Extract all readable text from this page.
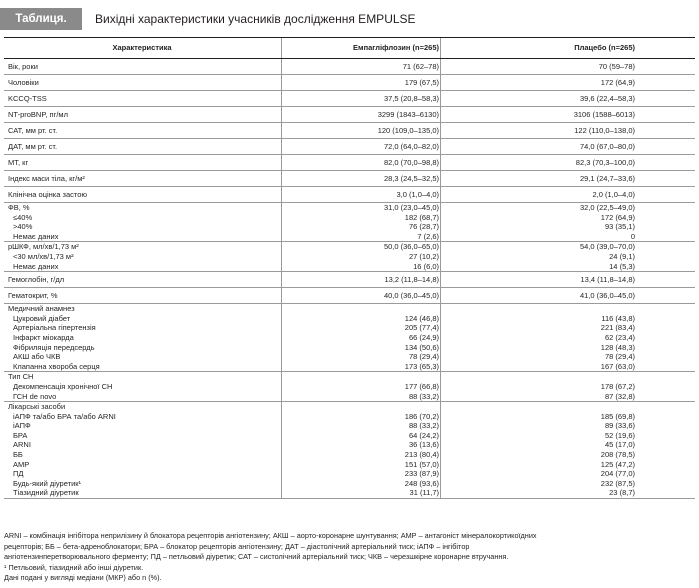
Таблиця.	Вихідні характеристики учасників дослідження EMPULSE
Характеристика	Емпагліфлозин (n=265)	Плацебо (n=265)
Вік, роки	71 (62–78)	70 (59–78)
Чоловіки	179 (67,5)	172 (64,9)
KCCQ-TSS	37,5 (20,8–58,3)	39,6 (22,4–58,3)
NT-proBNP, пг/мл	3299 (1843–6130)	3106 (1588–6013)
САТ, мм рт. ст.	120 (109,0–135,0)	122 (110,0–138,0)
ДАТ, мм рт. ст.	72,0 (64,0–82,0)	74,0 (67,0–80,0)
МТ, кг	82,0 (70,0–98,8)	82,3 (70,3–100,0)
Індекс маси тіла, кг/м²	28,3 (24,5–32,5)	29,1 (24,7–33,6)
Клінічна оцінка застою	3,0 (1,0–4,0)	2,0 (1,0–4,0)
ФВ, %	31,0 (23,0–45,0)	32,0 (22,5–49,0)
≤40%	182 (68,7)	172 (64,9)
>40%	76 (28,7)	93 (35,1)
Немає даних	7 (2,6)	0
рШКФ, мл/хв/1,73 м²	50,0 (36,0–65,0)	54,0 (39,0–70,0)
<30 мл/хв/1,73 м²	27 (10,2)	24 (9,1)
Немає даних	16 (6,0)	14 (5,3)
Гемоглобін, г/дл	13,2 (11,8–14,8)	13,4 (11,8–14,8)
Гематокрит, %	40,0 (36,0–45,0)	41,0 (36,0–45,0)
Медичний анамнез
Цукровий діабет	124 (46,8)	116 (43,8)
Артеріальна гіпертензія	205 (77,4)	221 (83,4)
Інфаркт міокарда	66 (24,9)	62 (23,4)
Фібриляція передсердь	134 (50,6)	128 (48,3)
АКШ або ЧКВ	78 (29,4)	78 (29,4)
Клапанна хвороба серця	173 (65,3)	167 (63,0)
Тип СН
Декомпенсація хронічної СН	177 (66,8)	178 (67,2)
ГСН de novo	88 (33,2)	87 (32,8)
Лікарські засоби
іАПФ та/або БРА та/або ARNI	186 (70,2)	185 (69,8)
іАПФ	88 (33,2)	89 (33,6)
БРА	64 (24,2)	52 (19,6)
ARNI	36 (13,6)	45 (17,0)
ББ	213 (80,4)	208 (78,5)
АМР	151 (57,0)	125 (47,2)
ПД	233 (87,9)	204 (77,0)
Будь-який діуретик¹	248 (93,6)	232 (87,5)
Тіазидний діуретик	31 (11,7)	23 (8,7)
ARNI – комбінація інгібітора неприлізину й блокатора рецепторів ангіотензину; АКШ – аорто-коронарне шунтування; АМР – антагоніст мінералокортикоїдних
рецепторів; ББ – бета-адреноблокатори; БРА – блокатор рецепторів ангіотензину; ДАТ – діастолічний артеріальний тиск; іАПФ – інгібітор
ангіотензинперетворювального ферменту; ПД – петльовий діуретик; САТ – систолічний артеріальний тиск; ЧКВ – черезшкірне коронарне втручання.
¹ Петльовий, тіазидний або інші діуретик.
Дані подані у вигляді медіани (МКР) або n (%).
